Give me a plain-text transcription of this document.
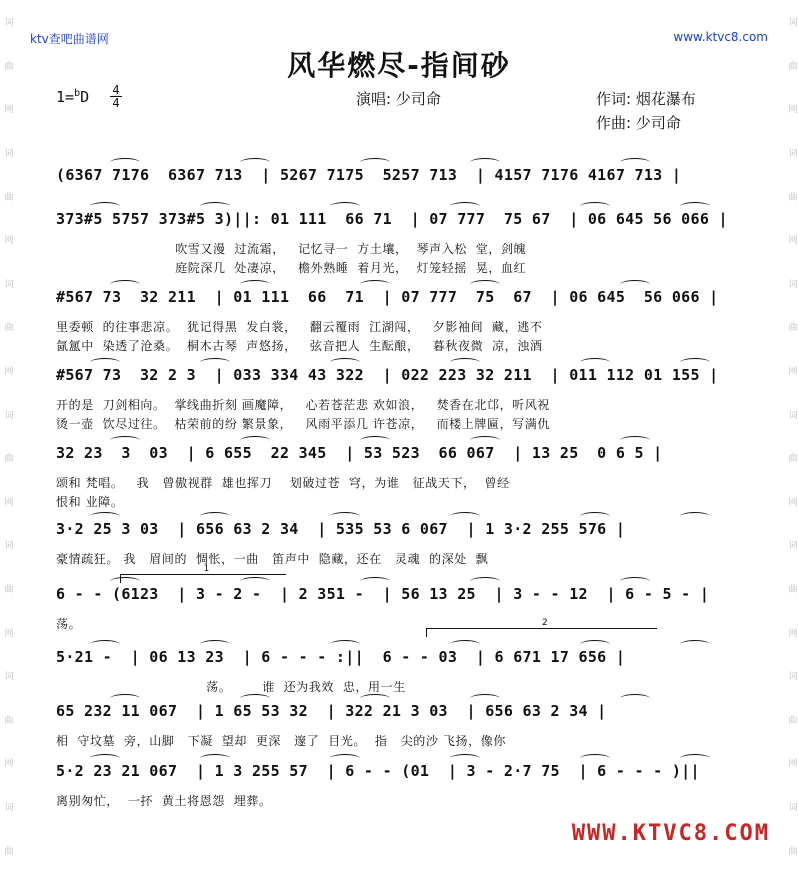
词
曲
网
词
曲
网
词
曲
网
词
曲
网
词
曲
网
词
曲
网
词
曲
词
曲
网
词
曲
网
词
曲
网
词
曲
网
词
曲
网
词
曲
网
词
曲
ktv查吧曲谱网	www.ktvc8.com
风华燃尽-指间砂
1=$^b$D 4
4	演唱: 少司命	作词: 烟花瀑布
作曲: 少司命
(6367 7176  6367 713  | 5267 7175  5257 713  | 4157 7176 4167 713 |
373#5 5757 373#5 3)||: 01 111  66 71  | 07 777  75 67  | 06 645 56 066 |
吹雪又漫  过流霜，   记忆寻一  方土壤，  琴声入松  堂，剑魄
庭院深几  处凄凉，   檐外熟睡  着月光，  灯笼轻摇  晃，血红
#567 73  32 211  | 01 111  66  71  | 07 777  75  67  | 06 645  56 066 |
里委顿  的往事悲凉。  犹记得黑  发白裳，   翻云覆雨  江湖闯，   夕影袖间  藏，逃不
氤氲中  染透了沧桑。  桐木古琴  声悠扬，   弦音把人  生酝酿，   暮秋夜微  凉，浊酒
#567 73  32 2 3  | 033 334 43 322  | 022 223 32 211  | 011 112 01 155 |
开的是  刀剑相向。  掌线曲折刻 画魔障，   心若苍茫悲 欢如浪，   焚香在北邙，听风祝
烫一壶  饮尽过往。  枯荣前的纷 繁景象，   风雨平添几 许苍凉，   而楼上牌匾，写满仇
32 23  3  03  | 6 655  22 345  | 53 523  66 067  | 13 25  0 6 5 |
颂和 梵唱。   我   曾傲视群  雄也挥刀    划破过苍  穹，为谁   征战天下，  曾经
恨和 业障。
3·2 25 3 03  | 656 63 2 34  | 535 53 6 067  | 1 3·2 255 576 |
豪情疏狂。 我   眉间的  惆怅，一曲   笛声中  隐藏，还在   灵魂  的深处  飘
6 - - (6123  | 3 - 2 -  | 2 351 -  | 56 13 25  | 3 - - 12  | 6 - 5 - |
荡。
5·21 -  | 06 13 23  | 6 - - - :||  6 - - 03  | 6 671 17 656 |
荡。       谁  还为我效  忠，用一生
65 232 11 067  | 1 65 53 32  | 322 21 3 03  | 656 63 2 34 |
相  守坟墓  旁，山脚   下凝  望却  更深   邃了  目光。  指   尖的沙 飞扬，像你
5·2 23 21 067  | 1 3 255 57  | 6 - - (01  | 3 - 2·7 75  | 6 - - - )||
离别匆忙，  一抔  黄土将恩怨  埋葬。
1
2
WWW.KTVC8.COM
